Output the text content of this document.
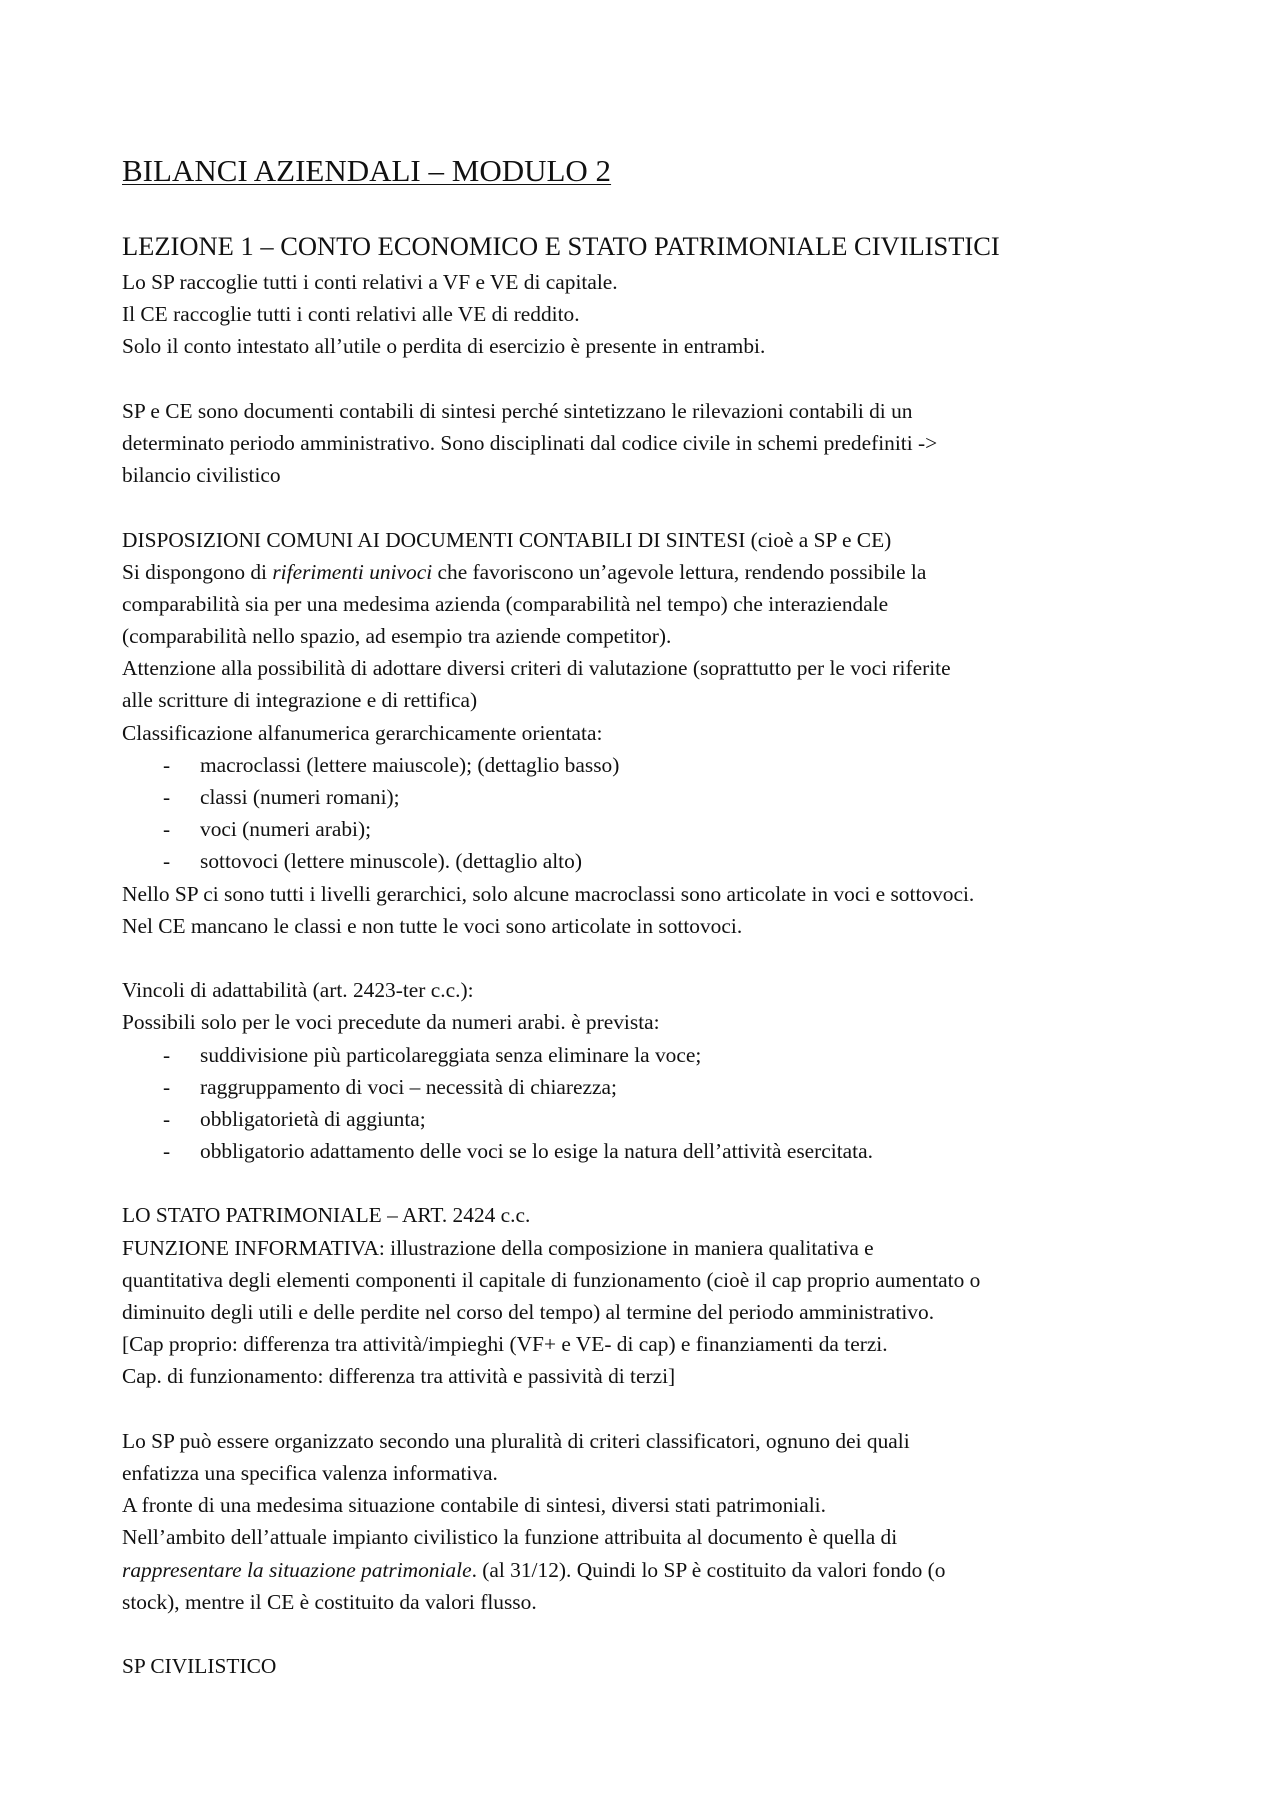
BILANCI AZIENDALI – MODULO 2
LEZIONE 1 – CONTO ECONOMICO E STATO PATRIMONIALE CIVILISTICI
Lo SP raccoglie tutti i conti relativi a VF e VE di capitale.
Il CE raccoglie tutti i conti relativi alle VE di reddito.
Solo il conto intestato all’utile o perdita di esercizio è presente in entrambi.
SP e CE sono documenti contabili di sintesi perché sintetizzano le rilevazioni contabili di un
determinato periodo amministrativo. Sono disciplinati dal codice civile in schemi predefiniti ->
bilancio civilistico
DISPOSIZIONI COMUNI AI DOCUMENTI CONTABILI DI SINTESI (cioè a SP e CE)
Si dispongono di riferimenti univoci che favoriscono un’agevole lettura, rendendo possibile la
comparabilità sia per una medesima azienda (comparabilità nel tempo) che interaziendale
(comparabilità nello spazio, ad esempio tra aziende competitor).
Attenzione alla possibilità di adottare diversi criteri di valutazione (soprattutto per le voci riferite
alle scritture di integrazione e di rettifica)
Classificazione alfanumerica gerarchicamente orientata:
- macroclassi (lettere maiuscole); (dettaglio basso)
- classi (numeri romani);
- voci (numeri arabi);
- sottovoci (lettere minuscole). (dettaglio alto)
Nello SP ci sono tutti i livelli gerarchici, solo alcune macroclassi sono articolate in voci e sottovoci.
Nel CE mancano le classi e non tutte le voci sono articolate in sottovoci.
Vincoli di adattabilità (art. 2423-ter c.c.):
Possibili solo per le voci precedute da numeri arabi. è prevista:
- suddivisione più particolareggiata senza eliminare la voce;
- raggruppamento di voci – necessità di chiarezza;
- obbligatorietà di aggiunta;
- obbligatorio adattamento delle voci se lo esige la natura dell’attività esercitata.
LO STATO PATRIMONIALE – ART. 2424 c.c.
FUNZIONE INFORMATIVA: illustrazione della composizione in maniera qualitativa e
quantitativa degli elementi componenti il capitale di funzionamento (cioè il cap proprio aumentato o
diminuito degli utili e delle perdite nel corso del tempo) al termine del periodo amministrativo.
[Cap proprio: differenza tra attività/impieghi (VF+ e VE- di cap) e finanziamenti da terzi.
Cap. di funzionamento: differenza tra attività e passività di terzi]
Lo SP può essere organizzato secondo una pluralità di criteri classificatori, ognuno dei quali
enfatizza una specifica valenza informativa.
A fronte di una medesima situazione contabile di sintesi, diversi stati patrimoniali.
Nell’ambito dell’attuale impianto civilistico la funzione attribuita al documento è quella di
rappresentare la situazione patrimoniale. (al 31/12). Quindi lo SP è costituito da valori fondo (o
stock), mentre il CE è costituito da valori flusso.
SP CIVILISTICO
